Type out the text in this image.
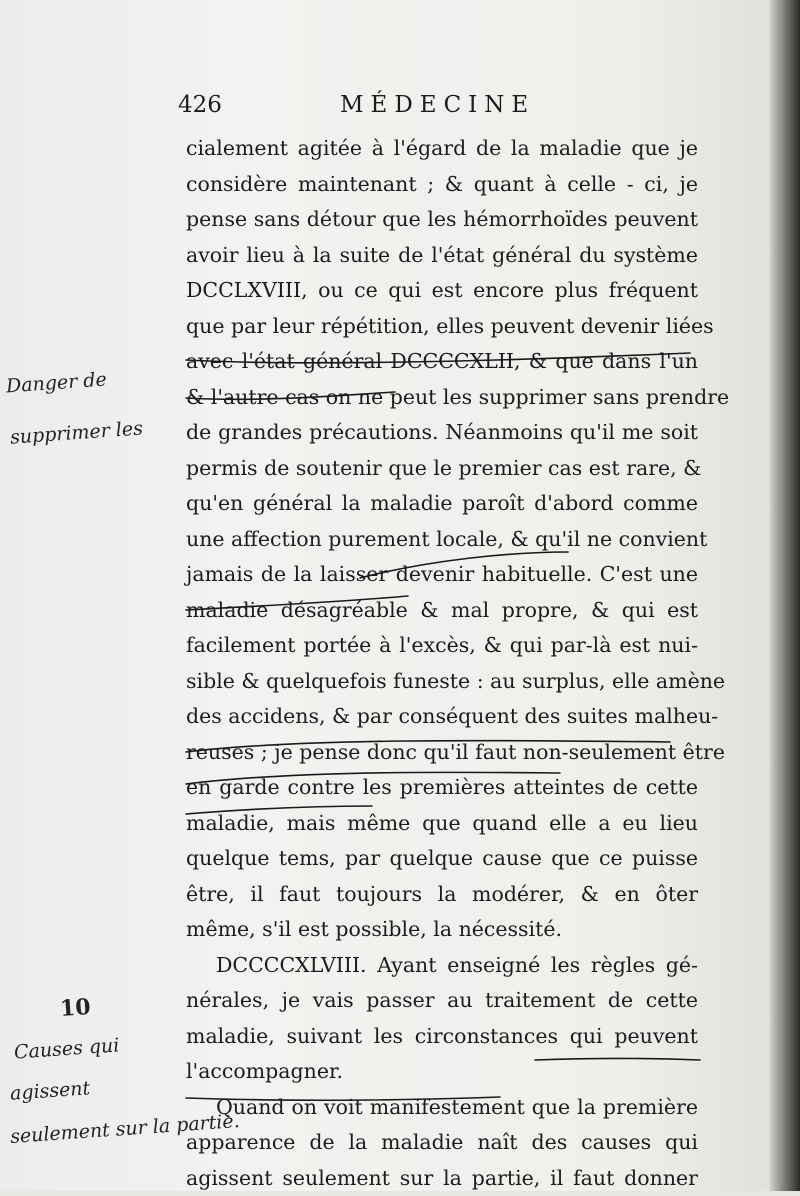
426	MÉDECINE
cialement agitée à l'égard de la maladie que je
considère maintenant ; & quant à celle - ci, je
pense sans détour que les hémorrhoïdes peuvent
avoir lieu à la suite de l'état général du système
DCCLXVIII, ou ce qui est encore plus fréquent
que par leur répétition, elles peuvent devenir liées
avec l'état général DCCCCXLII, & que dans l'un
& l'autre cas on ne peut les supprimer sans prendre
de grandes précautions. Néanmoins qu'il me soit
permis de soutenir que le premier cas est rare, &
qu'en général la maladie paroît d'abord comme
une affection purement locale, & qu'il ne convient
jamais de la laisser devenir habituelle. C'est une
maladie désagréable & mal propre, & qui est
facilement portée à l'excès, & qui par-là est nui-
sible & quelquefois funeste : au surplus, elle amène
des accidens, & par conséquent des suites malheu-
reuses ; je pense donc qu'il faut non-seulement être
en garde contre les premières atteintes de cette
maladie, mais même que quand elle a eu lieu
quelque tems, par quelque cause que ce puisse
être, il faut toujours la modérer, & en ôter
même, s'il est possible, la nécessité.
DCCCCXLVIII. Ayant enseigné les règles gé-
nérales, je vais passer au traitement de cette
maladie, suivant les circonstances qui peuvent
l'accompagner.
Quand on voit manifestement que la première
apparence de la maladie naît des causes qui
agissent seulement sur la partie, il faut donner
Danger de
supprimer les
10
Causes qui
agissent
seulement sur la partie.
